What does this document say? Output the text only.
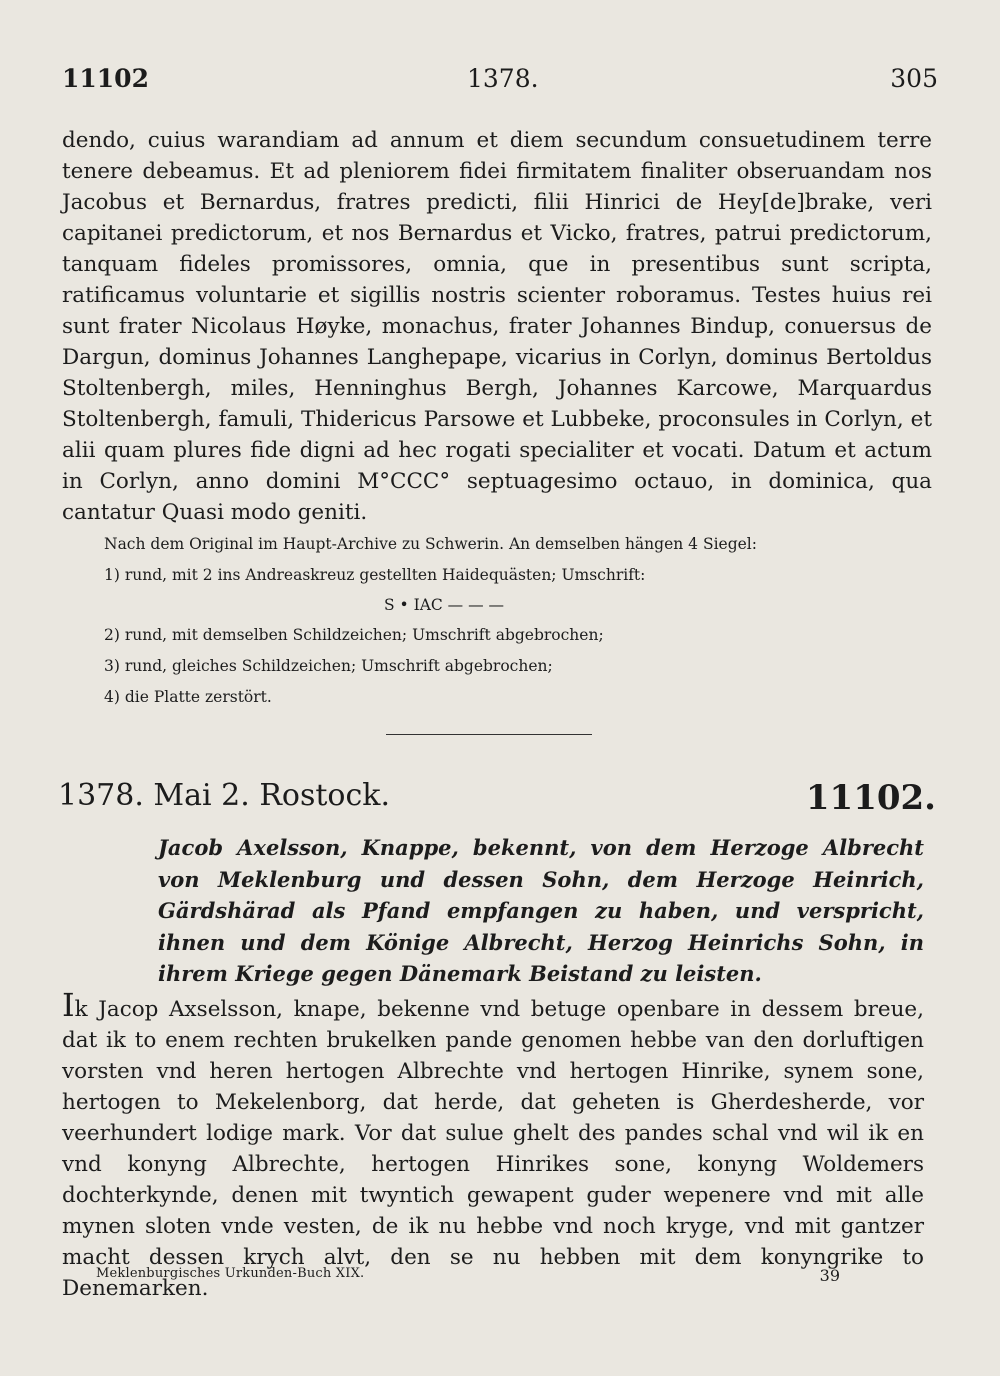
11102	1378.	305

dendo, cuius warandiam ad annum et diem secundum consuetudinem terre tenere debeamus. Et ad pleniorem fidei firmitatem finaliter obseruandam nos Jacobus et Bernardus, fratres predicti, filii Hinrici de Hey[de]brake, veri capitanei predictorum, et nos Bernardus et Vicko, fratres, patrui predictorum, tanquam fideles promissores, omnia, que in presentibus sunt scripta, ratificamus voluntarie et sigillis nostris scienter roboramus. Testes huius rei sunt frater Nicolaus Høyke, monachus, frater Johannes Bindup, conuersus de Dargun, dominus Johannes Langhepape, vicarius in Corlyn, dominus Bertoldus Stoltenbergh, miles, Henninghus Bergh, Johannes Karcowe, Marquardus Stoltenbergh, famuli, Thidericus Parsowe et Lubbeke, proconsules in Corlyn, et alii quam plures fide digni ad hec rogati specialiter et vocati. Datum et actum in Corlyn, anno domini M°CCC° septuagesimo octauo, in dominica, qua cantatur Quasi modo geniti.

Nach dem Original im Haupt-Archive zu Schwerin. An demselben hängen 4 Siegel:

1) rund, mit 2 ins Andreaskreuz gestellten Haidequästen; Umschrift:

S • IAC — — —

2) rund, mit demselben Schildzeichen; Umschrift abgebrochen;

3) rund, gleiches Schildzeichen; Umschrift abgebrochen;

4) die Platte zerstört.

1378. Mai 2. Rostock.	11102.

Jacob Axelsson, Knappe, bekennt, von dem Herzoge Albrecht von Meklenburg und dessen Sohn, dem Herzoge Heinrich, Gärdshärad als Pfand empfangen zu haben, und verspricht, ihnen und dem Könige Albrecht, Herzog Heinrichs Sohn, in ihrem Kriege gegen Dänemark Beistand zu leisten.

Ik Jacop Axselsson, knape, bekenne vnd betuge openbare in dessem breue, dat ik to enem rechten brukelken pande genomen hebbe van den dorluftigen vorsten vnd heren hertogen Albrechte vnd hertogen Hinrike, synem sone, hertogen to Mekelenborg, dat herde, dat geheten is Gherdesherde, vor veerhundert lodige mark. Vor dat sulue ghelt des pandes schal vnd wil ik en vnd konyng Albrechte, hertogen Hinrikes sone, konyng Woldemers dochterkynde, denen mit twyntich gewapent guder wepenere vnd mit alle mynen sloten vnde vesten, de ik nu hebbe vnd noch kryge, vnd mit gantzer macht dessen krych alvt, den se nu hebben mit dem konyngrike to Denemarken.

Meklenburgisches Urkunden-Buch XIX.	39
